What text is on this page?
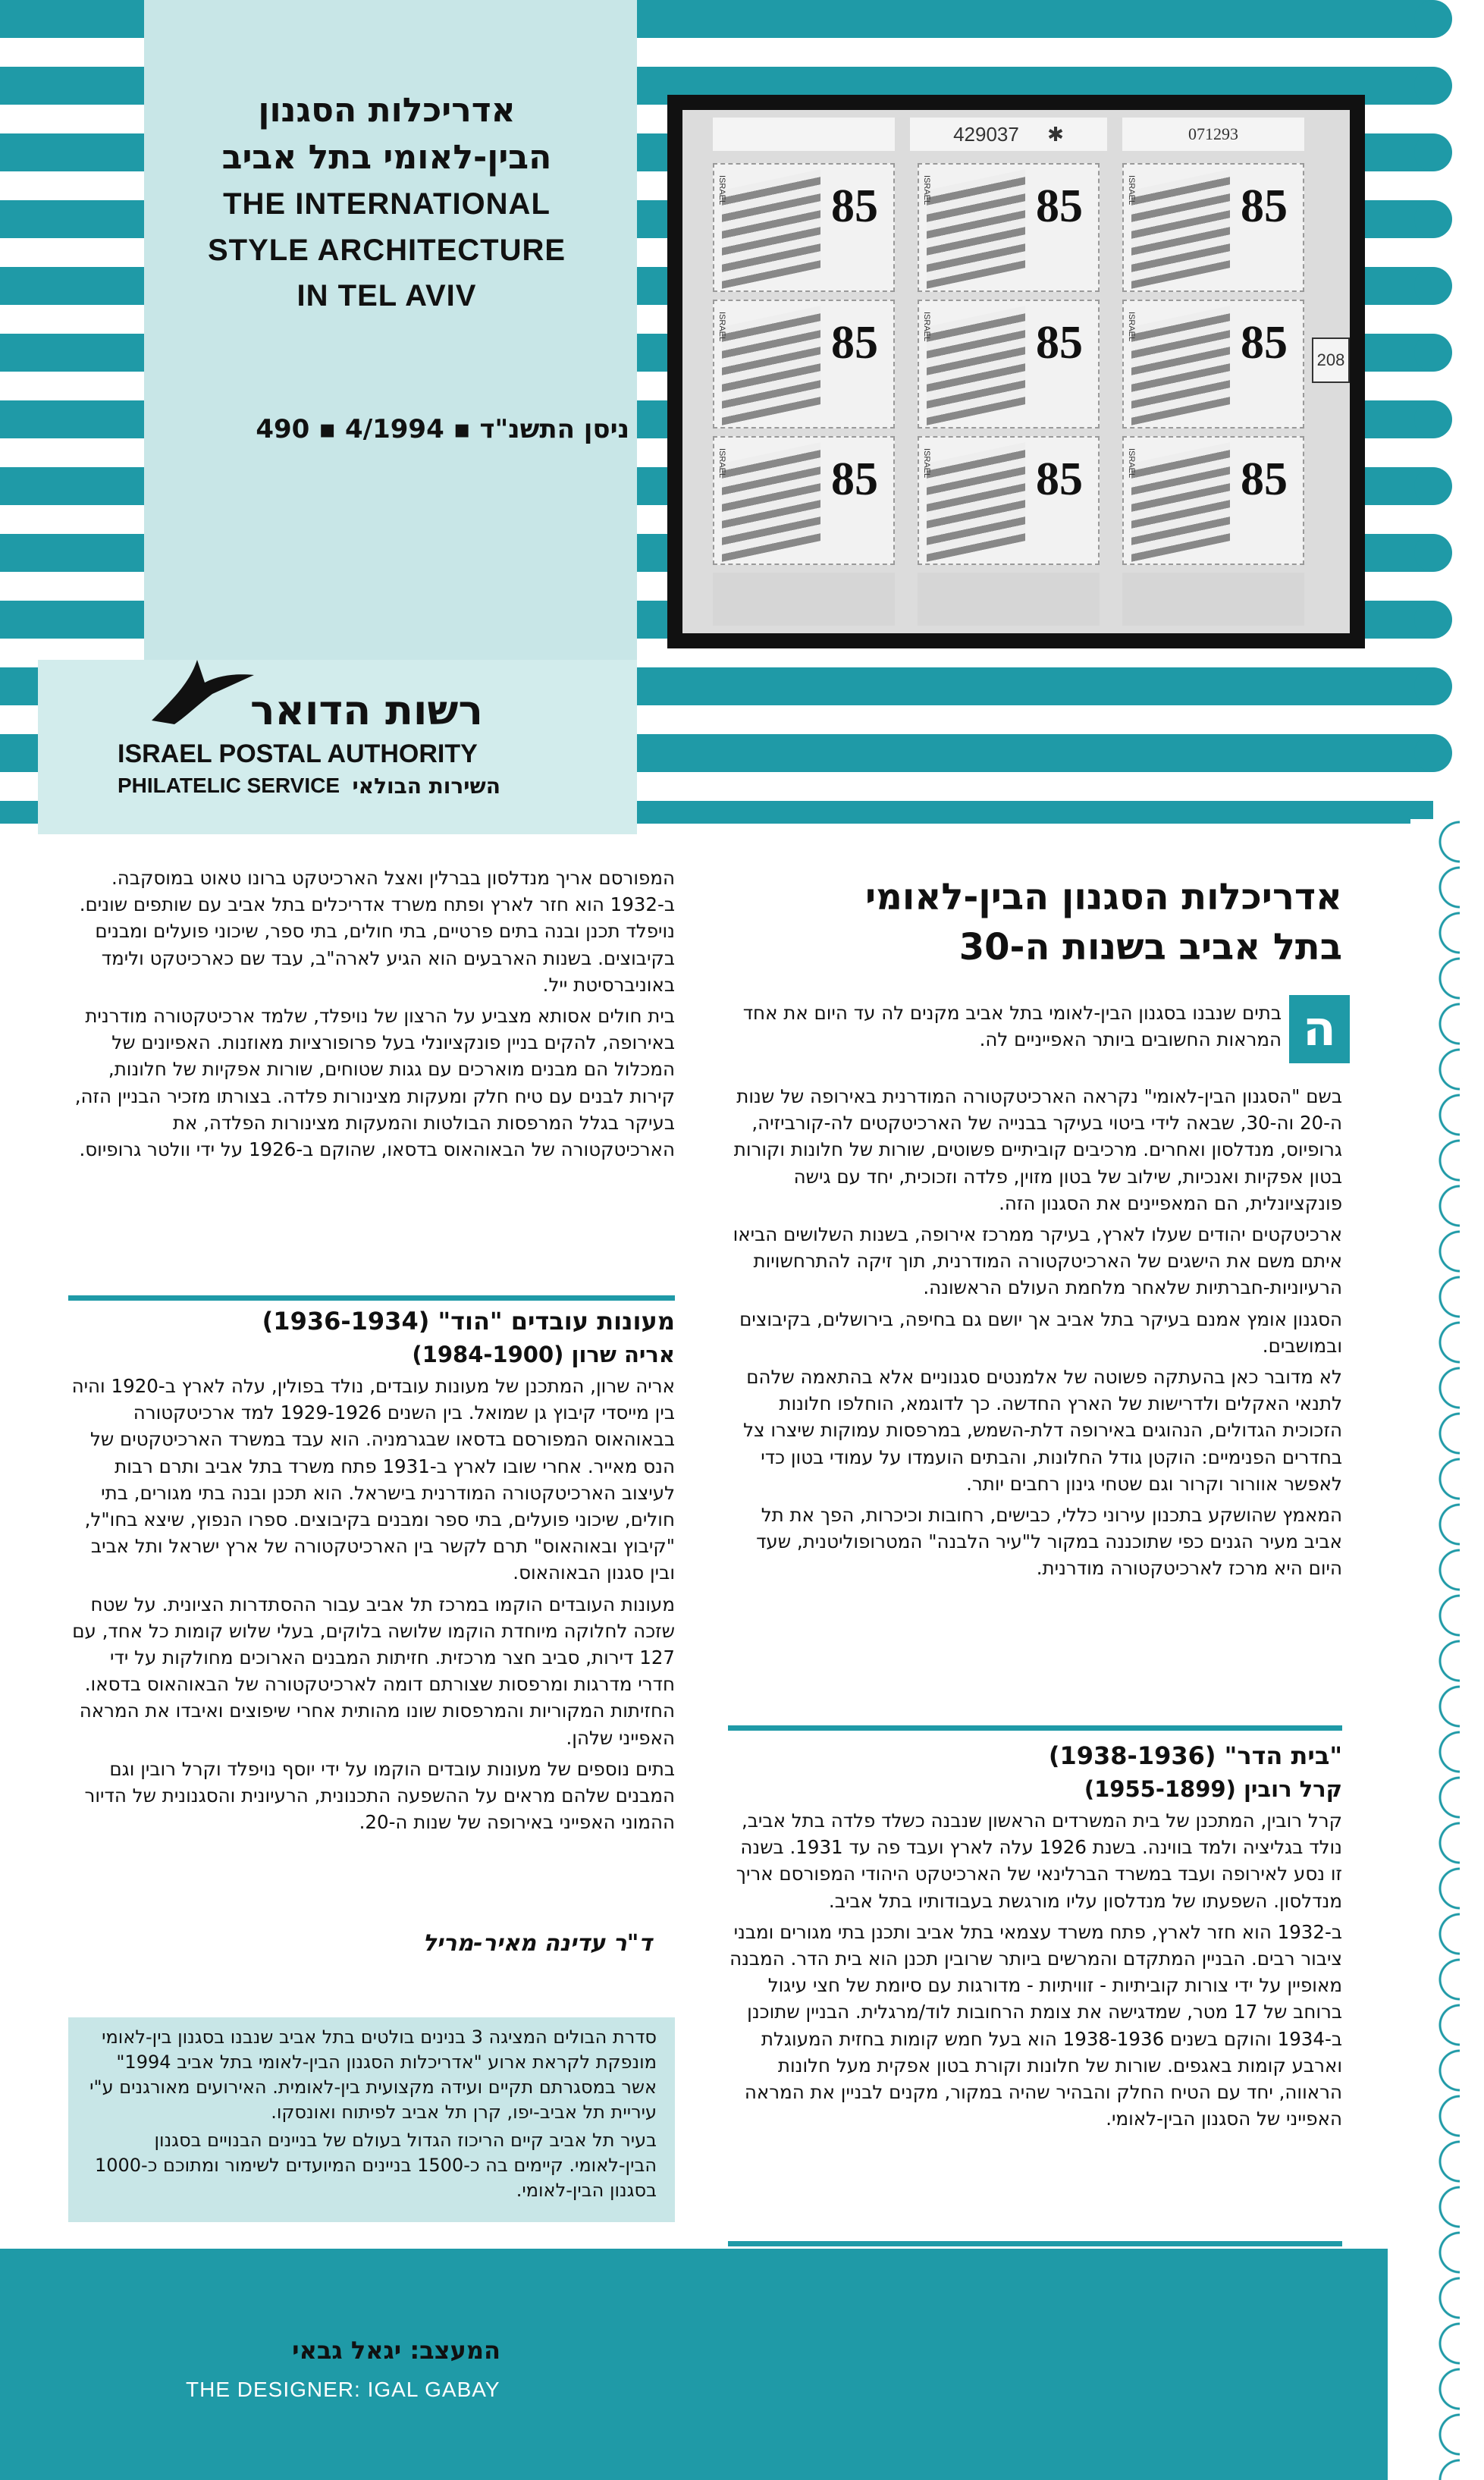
אדריכלות הסגנון
הבין-לאומי בתל אביב
THE INTERNATIONAL
STYLE ARCHITECTURE
IN TEL AVIV
ניסן התשנ"ד ▪ 4/1994 ▪ 490
429037 ✱	071293
208
ISRAEL 85	ISRAEL 85	ISRAEL 85
ISRAEL 85	ISRAEL 85	ISRAEL 85
ISRAEL 85	ISRAEL 85	ISRAEL 85
רשות הדואר
ISRAEL POSTAL AUTHORITY
PHILATELIC SERVICE השירות הבולאי
אדריכלות הסגנון הבין-לאומי
בתל אביב בשנות ה-30
ה
בתים שנבנו בסגנון הבין-לאומי בתל אביב מקנים לה עד היום את אחד המראות החשובים ביותר האפייניים לה.

בשם "הסגנון הבין-לאומי" נקראה הארכיטקטורה המודרנית באירופה של שנות ה-20 וה-30, שבאה לידי ביטוי בעיקר בבנייה של הארכיטקטים לה-קורביזיה, גרופיוס, מנדלסון ואחרים. מרכיבים קוביתיים פשוטים, שורות של חלונות וקורות בטון אפקיות ואנכיות, שילוב של בטון מזוין, פלדה וזכוכית, יחד עם גישה פונקציונלית, הם המאפיינים את הסגנון הזה.

ארכיטקטים יהודים שעלו לארץ, בעיקר ממרכז אירופה, בשנות השלושים הביאו איתם משם את הישגים של הארכיטקטורה המודרנית, תוך זיקה להתרחשויות הרעיוניות-חברתיות שלאחר מלחמת העולם הראשונה.

הסגנון אומץ אמנם בעיקר בתל אביב אך יושם גם בחיפה, בירושלים, בקיבוצים ובמושבים.

לא מדובר כאן בהעתקה פשוטה של אלמנטים סגנוניים אלא בהתאמה שלהם לתנאי האקלים ולדרישות של הארץ החדשה. כך לדוגמא, הוחלפו חלונות הזכוכית הגדולים, הנהוגים באירופה דלת-השמש, במרפסות עמוקות שיצרו צל בחדרים הפנימיים: הוקטן גודל החלונות, והבתים הועמדו על עמודי בטון כדי לאפשר אוורור וקרור וגם שטחי גינון רחבים יותר.

המאמץ שהושקע בתכנון עירוני כללי, כבישים, רחובות וכיכרות, הפך את תל אביב מעיר הגנים כפי שתוכננה במקור ל"עיר הלבנה" המטרופוליטנית, שעד היום היא מרכז לארכיטקטורה מודרנית.

"בית הדר" (1938-1936)

קרל רובין (1955-1899)

קרל רובין, המתכנן של בית המשרדים הראשון שנבנה כשלד פלדה בתל אביב, נולד בגליציה ולמד בווינה. בשנת 1926 עלה לארץ ועבד פה עד 1931. בשנה זו נסע לאירופה ועבד במשרד הברלינאי של הארכיטקט היהודי המפורסם אריך מנדלסון. השפעתו של מנדלסון עליו מורגשת בעבודותיו בתל אביב.

ב-1932 הוא חזר לארץ, פתח משרד עצמאי בתל אביב ותכנן בתי מגורים ומבני ציבור רבים. הבניין המתקדם והמרשים ביותר שרובין תכנן הוא בית הדר. המבנה מאופיין על ידי צורות קוביתיות - זוויתיות - מדורגות עם סיומת של חצי עיגול ברוחב של 17 מטר, שמדגישה את צומת הרחובות לוד/מרגלית. הבניין שתוכנן ב-1934 והוקם בשנים 1938-1936 הוא בעל חמש קומות בחזית המעוגלת וארבע קומות באגפים. שורות של חלונות וקורת בטון אפקית מעל חלונות הראווה, יחד עם הטיח החלק והבהיר שהיה במקור, מקנים לבניין את המראה האפייני של הסגנון הבין-לאומי.

המפורסם אריך מנדלסון בברלין ואצל הארכיטקט ברונו טאוט במוסקבה. ב-1932 הוא חזר לארץ ופתח משרד אדריכלים בתל אביב עם שותפים שונים. נויפלד תכנן ובנה בתים פרטיים, בתי חולים, בתי ספר, שיכוני פועלים ומבנים בקיבוצים. בשנות הארבעים הוא הגיע לארה"ב, עבד שם כארכיטקט ולימד באוניברסיטת ייל.

בית חולים אסותא מצביע על הרצון של נויפלד, שלמד ארכיטקטורה מודרנית באירופה, להקים בניין פונקציונלי בעל פרופורציות מאוזנות. האפיונים של המכלול הם מבנים מוארכים עם גגות שטוחים, שורות אפקיות של חלונות, קירות לבנים עם טיח חלק ומעקות מצינורות פלדה. בצורתו מזכיר הבניין הזה, בעיקר בגלל המרפסות הבולטות והמעקות מצינורות הפלדה, את הארכיטקטורה של הבאוהאוס בדסאו, שהוקם ב-1926 על ידי וולטר גרופיוס.

מעונות עובדים "הוד" (1936-1934)

אריה שרון (1984-1900)

אריה שרון, המתכנן של מעונות עובדים, נולד בפולין, עלה לארץ ב-1920 והיה בין מייסדי קיבוץ גן שמואל. בין השנים 1929-1926 למד ארכיטקטורה בבאוהאוס המפורסם בדסאו שבגרמניה. הוא עבד במשרד הארכיטקטים של הנס מאייר. אחרי שובו לארץ ב-1931 פתח משרד בתל אביב ותרם רבות לעיצוב הארכיטקטורה המודרנית בישראל. הוא תכנן ובנה בתי מגורים, בתי חולים, שיכוני פועלים, בתי ספר ומבנים בקיבוצים. ספרו הנפוץ, שיצא בחו"ל, "קיבוץ ובאוהאוס" תרם לקשר בין הארכיטקטורה של ארץ ישראל ותל אביב ובין סגנון הבאוהאוס.

מעונות העובדים הוקמו במרכז תל אביב עבור ההסתדרות הציונית. על שטח שזכה לחלוקה מיוחדת הוקמו שלושה בלוקים, בעלי שלוש קומות כל אחד, עם 127 דירות, סביב חצר מרכזית. חזיתות המבנים הארוכים מחולקות על ידי חדרי מדרגות ומרפסות שצורתם דומה לארכיטקטורה של הבאוהאוס בדסאו. החזיתות המקוריות והמרפסות שונו מהותית אחרי שיפוצים ואיבדו את המראה האפייני שלהן.

בתים נוספים של מעונות עובדים הוקמו על ידי יוסף נויפלד וקרל רובין וגם המבנים שלהם מראים על ההשפעה התכנונית, הרעיונית והסגנונית של הדיור ההמוני האפייני באירופה של שנות ה-20.

ד"ר עדינה מאיר-מריל

סדרת הבולים המציגה 3 בנינים בולטים בתל אביב שנבנו בסגנון בין-לאומי מונפקת לקראת ארוע "אדריכלות הסגנון הבין-לאומי בתל אביב 1994" אשר במסגרתם תקיים ועידה מקצועית בין-לאומית. האירועים מאורגנים ע"י עיריית תל אביב-יפו, קרן תל אביב לפיתוח ואונסקו.

בעיר תל אביב קיים הריכוז הגדול בעולם של בניינים הבנויים בסגנון הבין-לאומי. קיימים בה כ-1500 בניינים המיועדים לשימור ומתוכם כ-1000 בסגנון הבין-לאומי.

המעצב: יגאל גבאי
THE DESIGNER: IGAL GABAY
